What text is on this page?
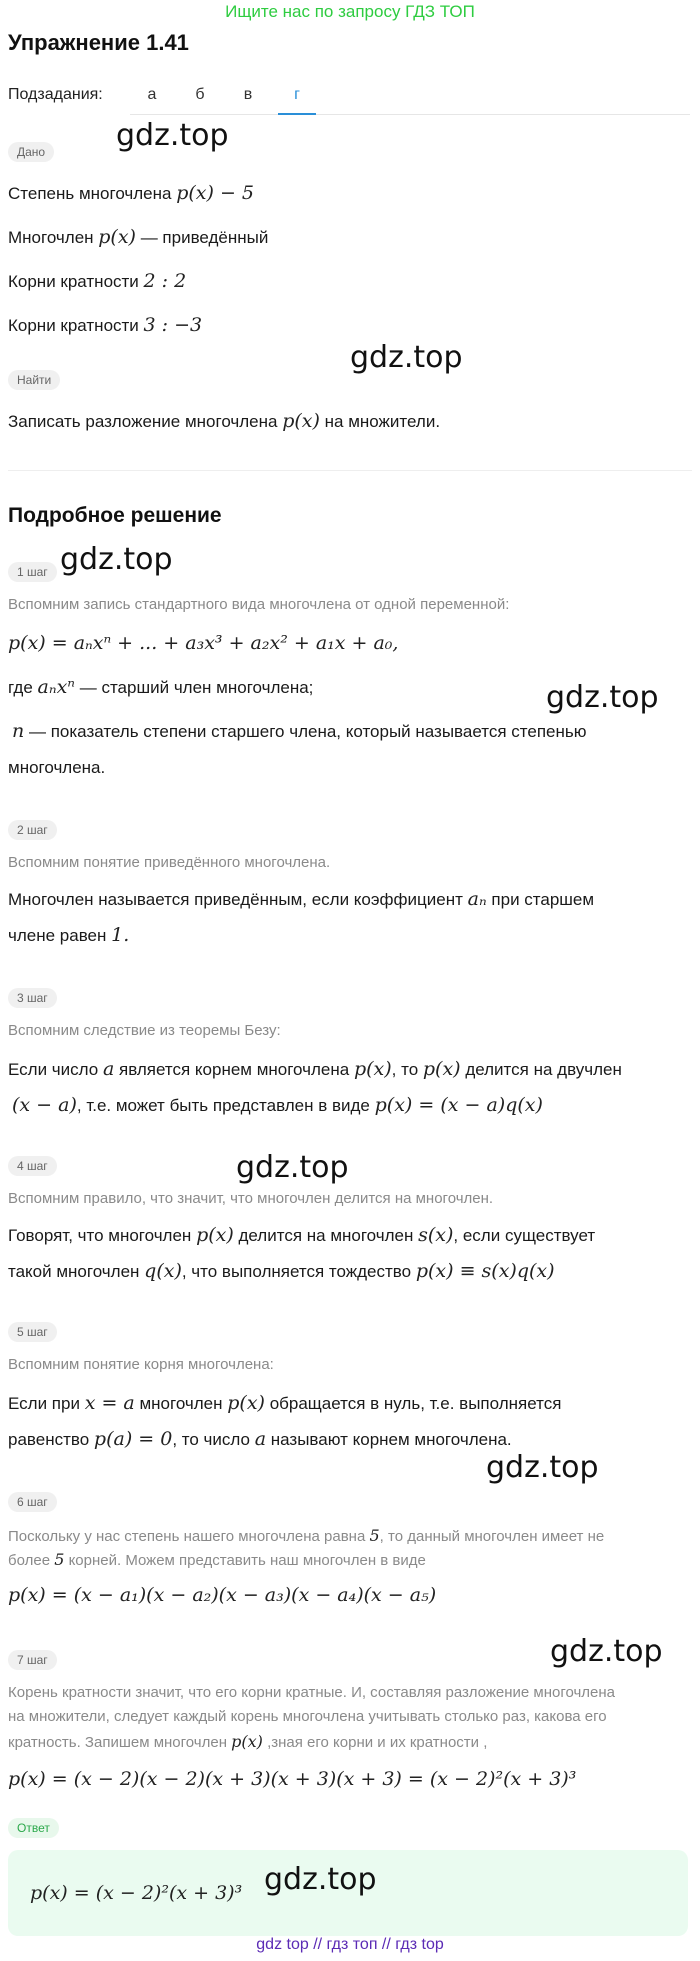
Ищите нас по запросу ГДЗ ТОП
Упражнение 1.41
Подзадания:	а	б	в	г
gdz.top
gdz.top
gdz.top
gdz.top
gdz.top
gdz.top
gdz.top
Дано
Степень многочлена p(x) − 5
Многочлен p(x) — приведённый
Корни кратности 2 : 2
Корни кратности 3 : −3
Найти
Записать разложение многочлена p(x) на множители.
Подробное решение
1 шаг
Вспомним запись стандартного вида многочлена от одной переменной:
p(x) = aₙxⁿ + ... + a₃x³ + a₂x² + a₁x + a₀,
где aₙxⁿ — старший член многочлена;
n — показатель степени старшего члена, который называется степенью
многочлена.
2 шаг
Вспомним понятие приведённого многочлена.
Многочлен называется приведённым, если коэффициент aₙ при старшем
члене равен 1.
3 шаг
Вспомним следствие из теоремы Безу:
Если число a является корнем многочлена p(x), то p(x) делится на двучлен
(x − a), т.е. может быть представлен в виде p(x) = (x − a)q(x)
4 шаг
Вспомним правило, что значит, что многочлен делится на многочлен.
Говорят, что многочлен p(x) делится на многочлен s(x), если существует
такой многочлен q(x), что выполняется тождество p(x) ≡ s(x)q(x)
5 шаг
Вспомним понятие корня многочлена:
Если при x = a многочлен p(x) обращается в нуль, т.е. выполняется
равенство p(a) = 0, то число a называют корнем многочлена.
6 шаг
Поскольку у нас степень нашего многочлена равна 5, то данный многочлен имеет не
более 5 корней. Можем представить наш многочлен в виде
p(x) = (x − a₁)(x − a₂)(x − a₃)(x − a₄)(x − a₅)
7 шаг
Корень кратности значит, что его корни кратные. И, составляя разложение многочлена
на множители, следует каждый корень многочлена учитывать столько раз, какова его
кратность. Запишем многочлен p(x) ,зная его корни и их кратности ,
p(x) = (x − 2)(x − 2)(x + 3)(x + 3)(x + 3) = (x − 2)²(x + 3)³
Ответ
p(x) = (x − 2)²(x + 3)³ gdz.top
gdz top // гдз топ // гдз top
